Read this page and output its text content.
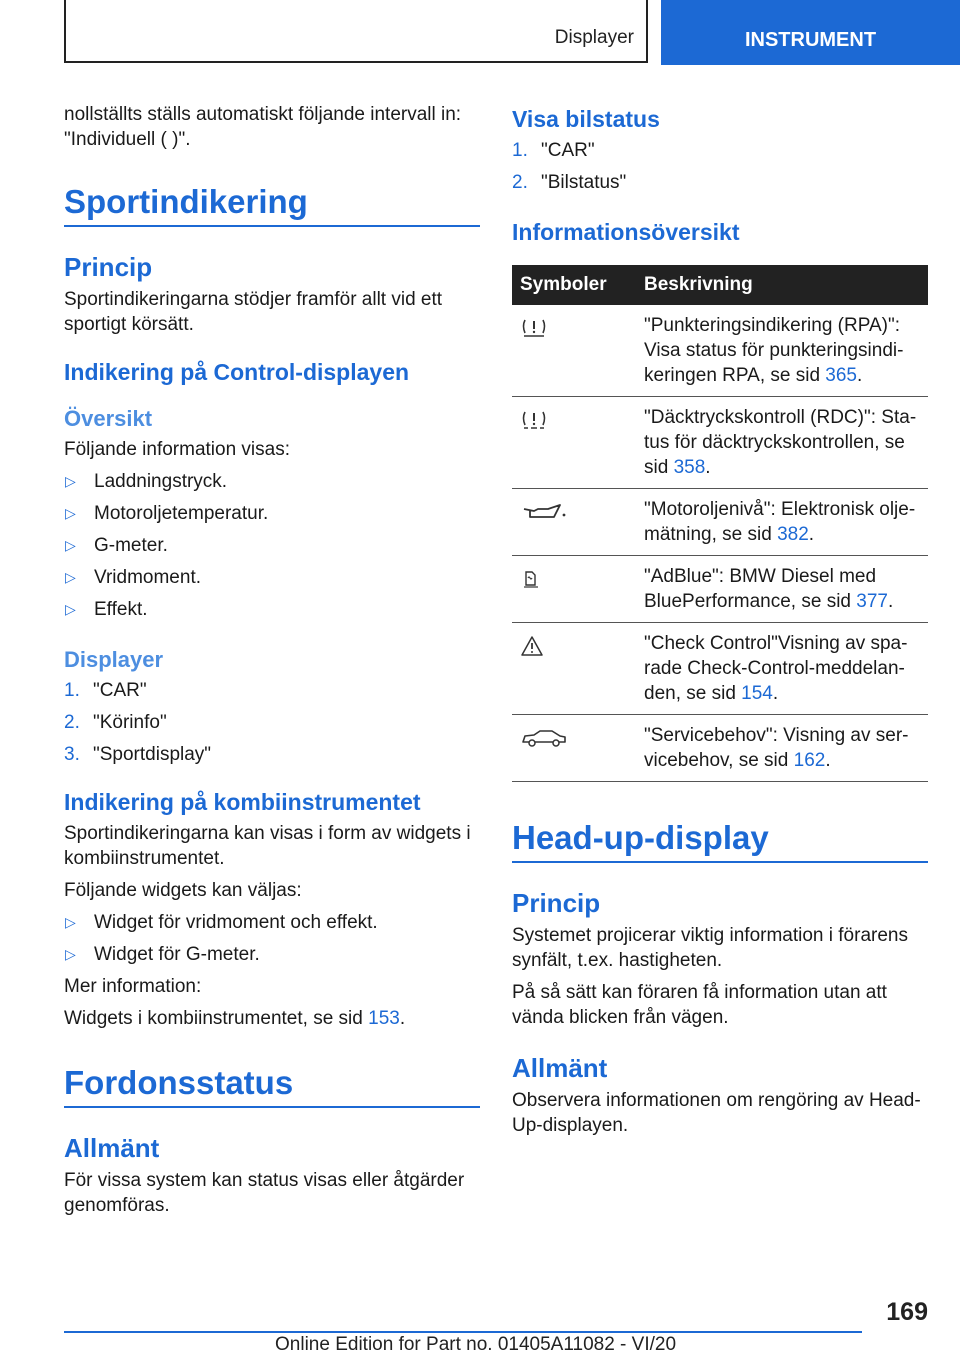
Displayer	INSTRUMENT

nollställts ställs automatiskt följande intervall in: "Individuell ( )".

Sportindikering
Princip

Sportindikeringarna stödjer framför allt vid ett sportigt körsätt.

Indikering på Control-displayen
Översikt

Följande information visas:

▷ Laddningstryck.
▷ Motoroljetemperatur.
▷ G-meter.
▷ Vridmoment.
▷ Effekt.
Displayer
1. "CAR"
2. "Körinfo"
3. "Sportdisplay"
Indikering på kombiinstrumentet

Sportindikeringarna kan visas i form av widgets i kombiinstrumentet.

Följande widgets kan väljas:

▷ Widget för vridmoment och effekt.
▷ Widget för G-meter.

Mer information:

Widgets i kombiinstrumentet, se sid 153.

Fordonsstatus
Allmänt

För vissa system kan status visas eller åtgärder genomföras.

Visa bilstatus
1. "CAR"
2. "Bilstatus"
Informationsöversikt
Symboler	Beskrivning
	"Punkteringsindikering (RPA)": Visa status för punkteringsindikeringen RPA, se sid 365.
	"Däcktryckskontroll (RDC)": Status för däcktryckskontrollen, se sid 358.
	"Motoroljenivå": Elektronisk oljemätning, se sid 382.
	"AdBlue": BMW Diesel med BluePerformance, se sid 377.
	"Check Control"Visning av sparade Check-Control-meddelanden, se sid 154.
	"Servicebehov": Visning av servicebehov, se sid 162.
Head-up-display
Princip

Systemet projicerar viktig information i förarens synfält, t.ex. hastigheten.

På så sätt kan föraren få information utan att vända blicken från vägen.

Allmänt

Observera informationen om rengöring av Head-Up-displayen.

169
Online Edition for Part no. 01405A11082 - VI/20
